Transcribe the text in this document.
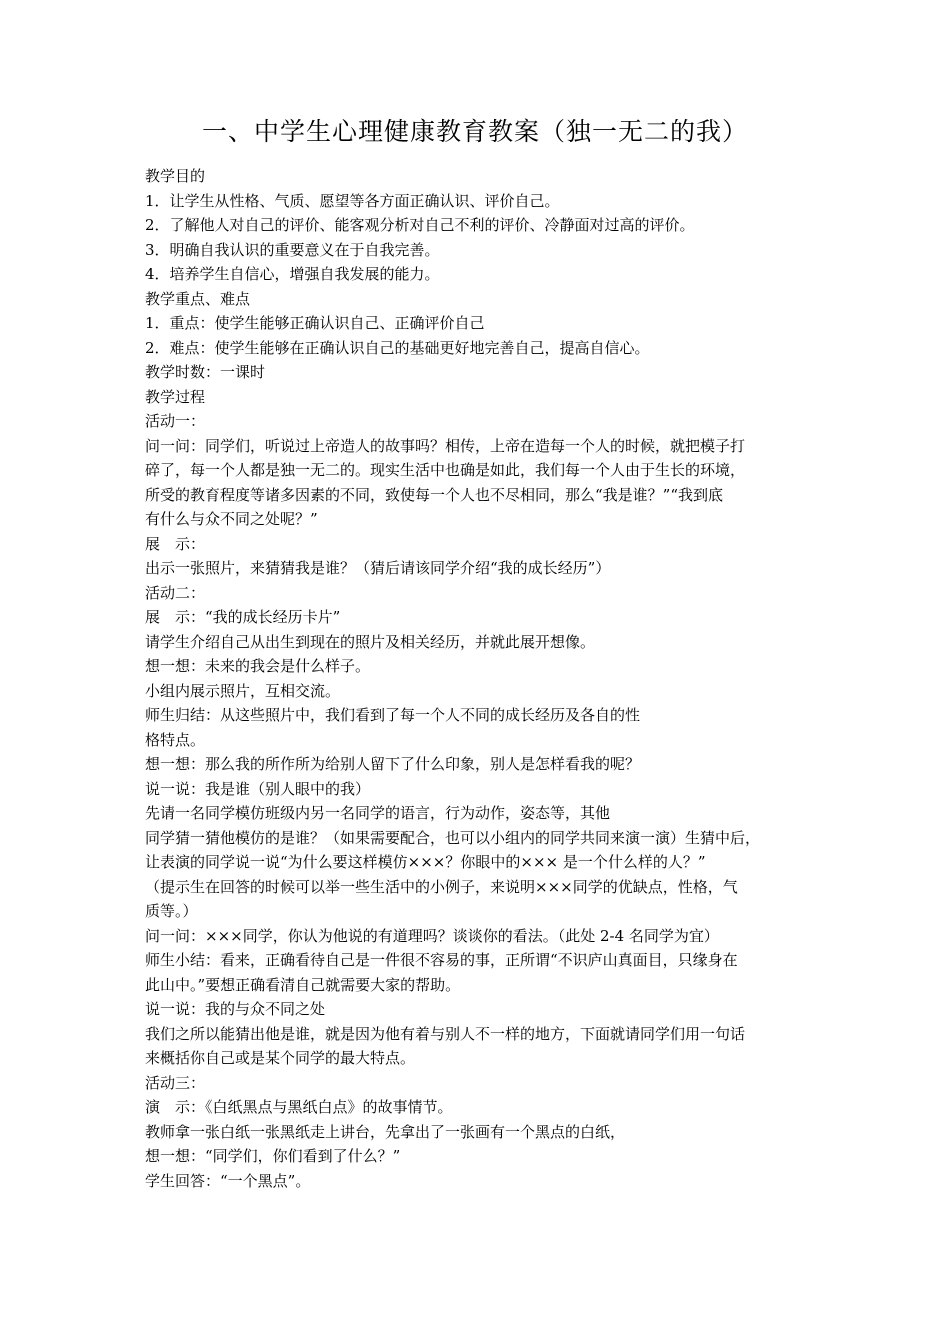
一、中学生心理健康教育教案（独一无二的我）

教学目的

1．让学生从性格、气质、愿望等各方面正确认识、评价自己。

2．了解他人对自己的评价、能客观分析对自己不利的评价、冷静面对过高的评价。

3．明确自我认识的重要意义在于自我完善。

4．培养学生自信心，增强自我发展的能力。

教学重点、难点

1．重点：使学生能够正确认识自己、正确评价自己

2．难点：使学生能够在正确认识自己的基础更好地完善自己，提高自信心。

教学时数：一课时

教学过程

活动一：

问一问：同学们，听说过上帝造人的故事吗？相传，上帝在造每一个人的时候，就把模子打

碎了，每一个人都是独一无二的。现实生活中也确是如此，我们每一个人由于生长的环境，

所受的教育程度等诸多因素的不同，致使每一个人也不尽相同，那么“我是谁？”“我到底

有什么与众不同之处呢？”

展　示：

出示一张照片，来猜猜我是谁？（猜后请该同学介绍“我的成长经历”）

活动二：

展　示：“我的成长经历卡片”

请学生介绍自己从出生到现在的照片及相关经历，并就此展开想像。

想一想：未来的我会是什么样子。

小组内展示照片，互相交流。

师生归结：从这些照片中，我们看到了每一个人不同的成长经历及各自的性

格特点。

想一想：那么我的所作所为给别人留下了什么印象，别人是怎样看我的呢？

说一说：我是谁（别人眼中的我）

先请一名同学模仿班级内另一名同学的语言，行为动作，姿态等，其他

同学猜一猜他模仿的是谁？（如果需要配合，也可以小组内的同学共同来演一演）生猜中后，

让表演的同学说一说“为什么要这样模仿×××？你眼中的××× 是一个什么样的人？”

（提示生在回答的时候可以举一些生活中的小例子，来说明×××同学的优缺点，性格，气

质等。）

问一问：×××同学，你认为他说的有道理吗？谈谈你的看法。（此处 2-4 名同学为宜）

师生小结：看来，正确看待自己是一件很不容易的事，正所谓“不识庐山真面目，只缘身在

此山中。”要想正确看清自己就需要大家的帮助。

说一说：我的与众不同之处

我们之所以能猜出他是谁，就是因为他有着与别人不一样的地方，下面就请同学们用一句话

来概括你自己或是某个同学的最大特点。

活动三：

演　示：《白纸黑点与黑纸白点》的故事情节。

教师拿一张白纸一张黑纸走上讲台，先拿出了一张画有一个黑点的白纸，

想一想：“同学们，你们看到了什么？”

学生回答：“一个黑点”。
